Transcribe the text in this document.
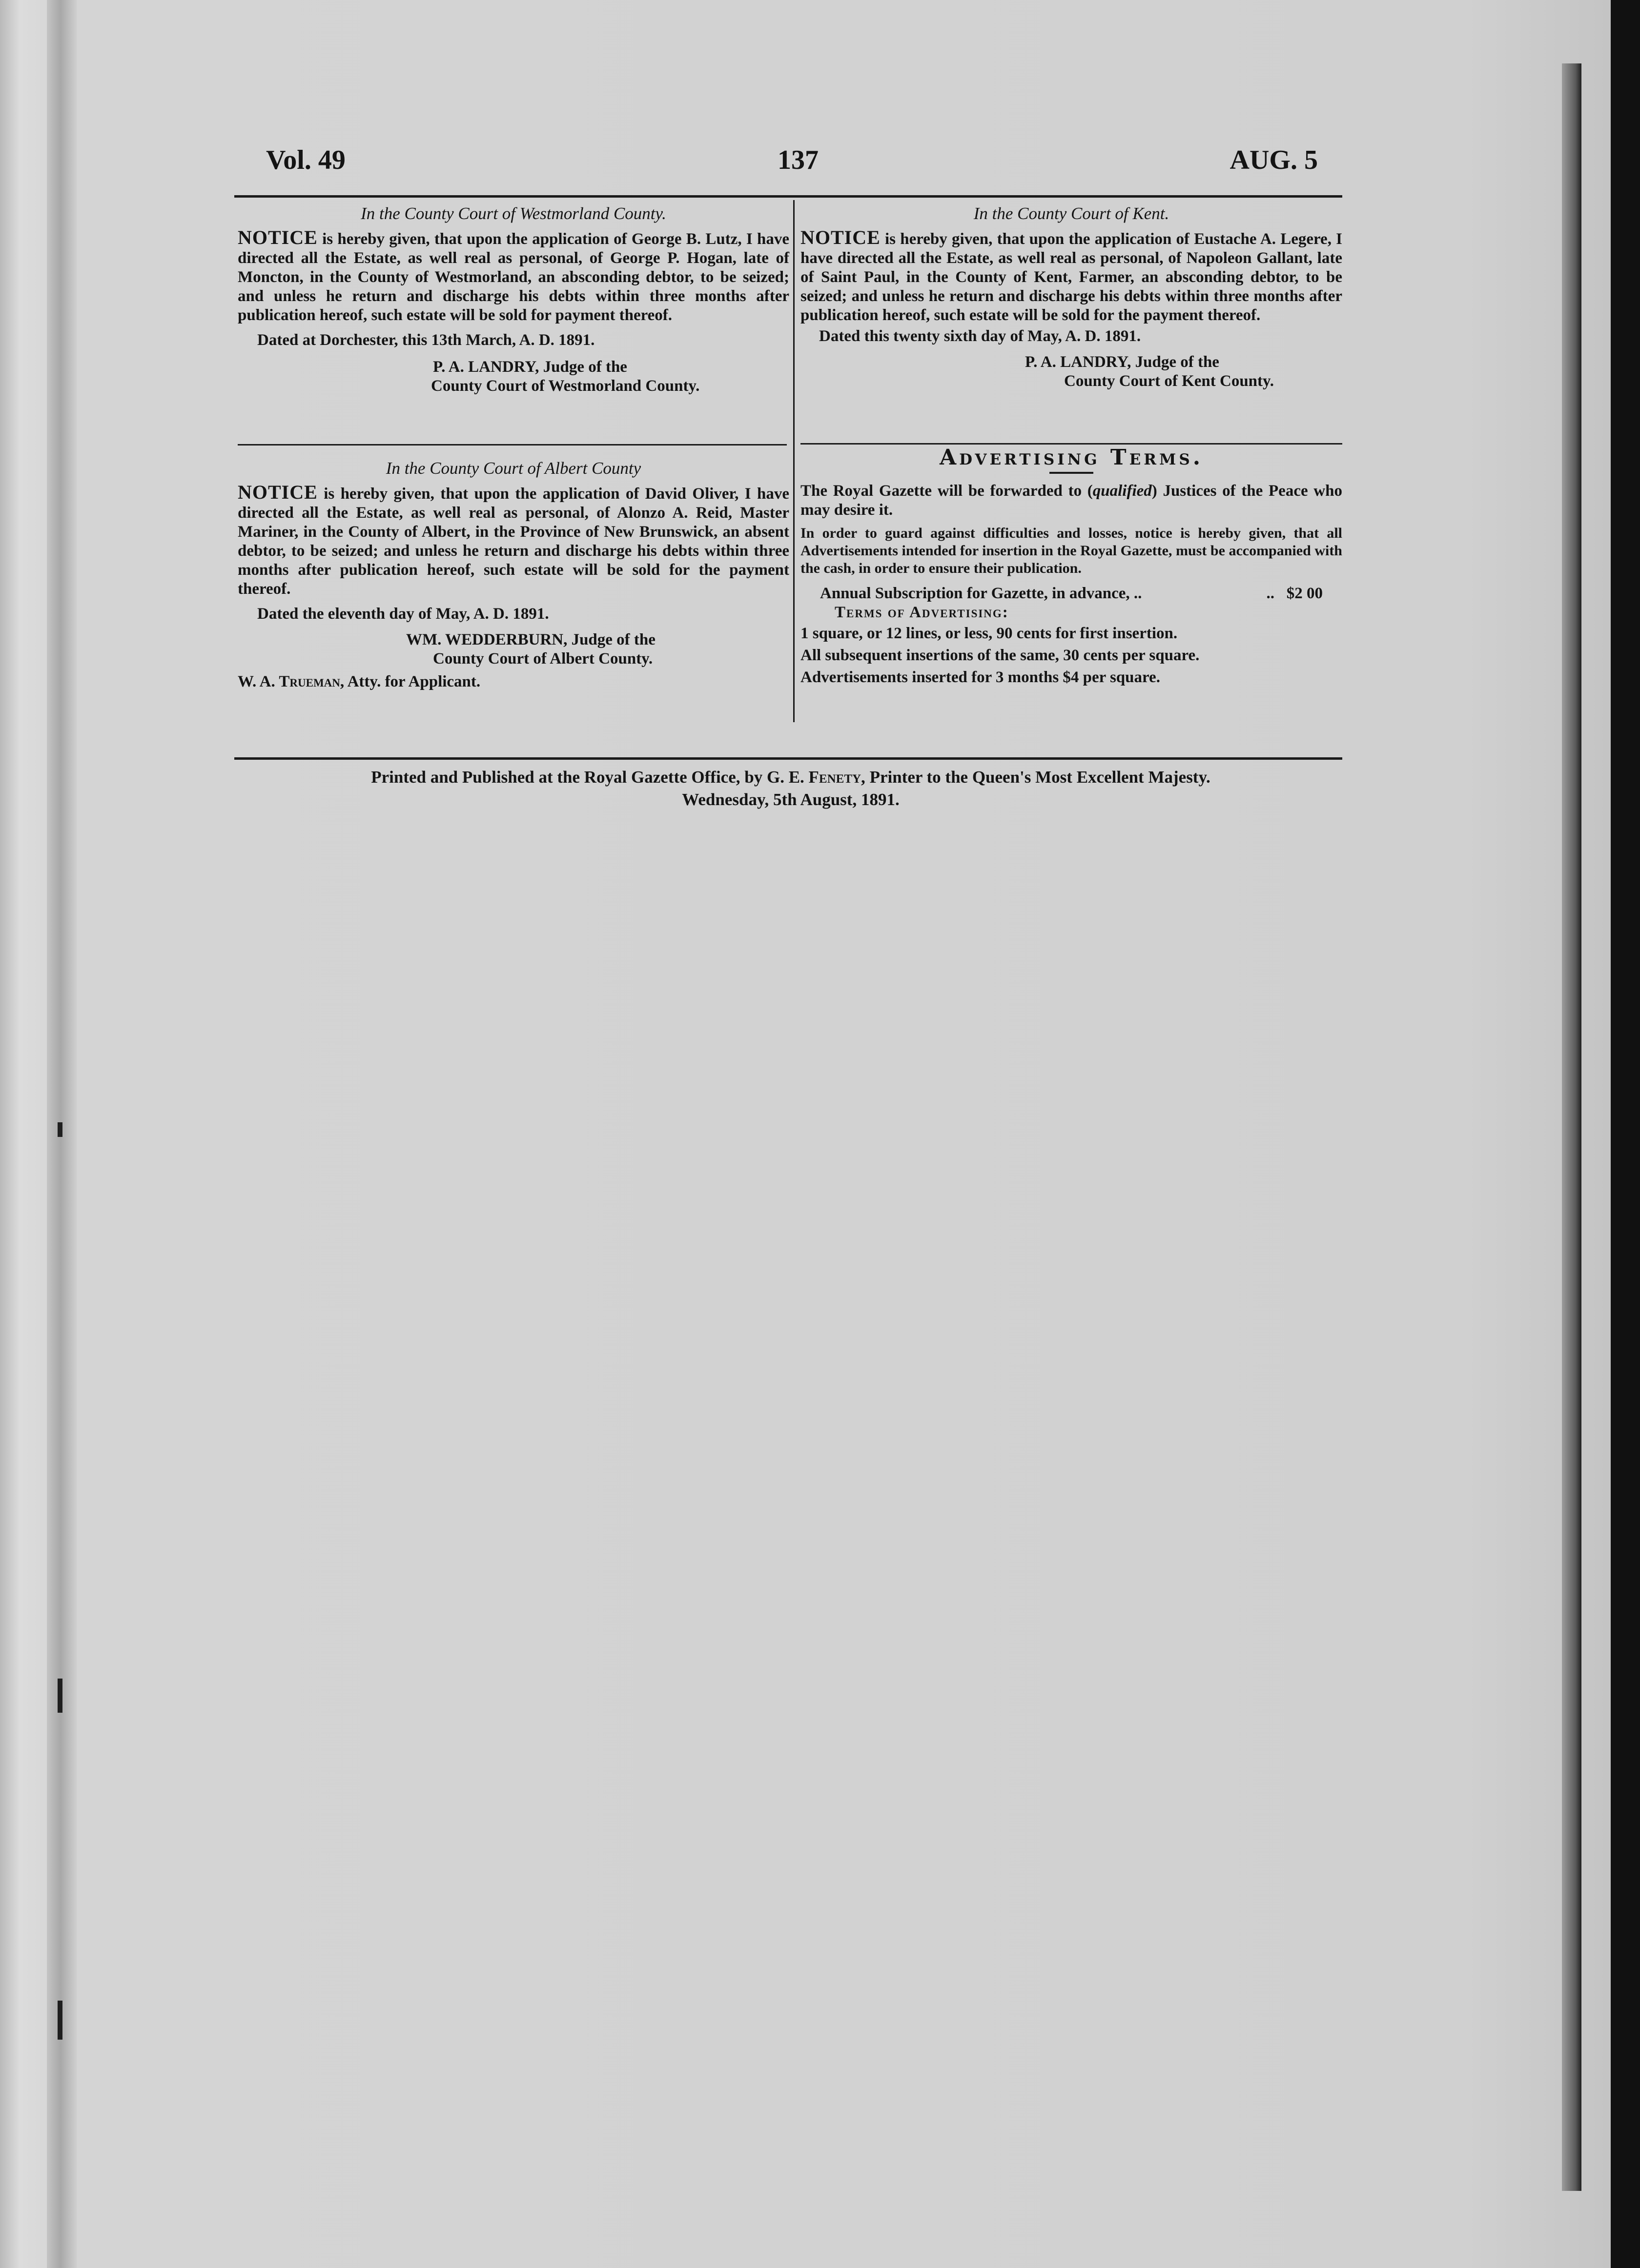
Vol. 49	137	AUG. 5

In the County Court of Westmorland County.

NOTICE is hereby given, that upon the application of George B. Lutz, I have directed all the Estate, as well real as personal, of George P. Hogan, late of Moncton, in the County of Westmorland, an absconding debtor, to be seized; and unless he return and discharge his debts within three months after publication hereof, such estate will be sold for payment thereof.

Dated at Dorchester, this 13th March, A. D. 1891.

P. A. LANDRY, Judge of the
County Court of Westmorland County.

In the County Court of Albert County

NOTICE is hereby given, that upon the application of David Oliver, I have directed all the Estate, as well real as personal, of Alonzo A. Reid, Master Mariner, in the County of Albert, in the Province of New Brunswick, an absent debtor, to be seized; and unless he return and discharge his debts within three months after publication hereof, such estate will be sold for the payment thereof.

Dated the eleventh day of May, A. D. 1891.

WM. WEDDERBURN, Judge of the
County Court of Albert County.
W. A. Trueman, Atty. for Applicant.

In the County Court of Kent.

NOTICE is hereby given, that upon the application of Eustache A. Legere, I have directed all the Estate, as well real as personal, of Napoleon Gallant, late of Saint Paul, in the County of Kent, Farmer, an absconding debtor, to be seized; and unless he return and discharge his debts within three months after publication hereof, such estate will be sold for the payment thereof.

Dated this twenty sixth day of May, A. D. 1891.

P. A. LANDRY, Judge of the
County Court of Kent County.

Advertising Terms.

The Royal Gazette will be forwarded to (qualified) Justices of the Peace who may desire it.

In order to guard against difficulties and losses, notice is hereby given, that all Advertisements intended for insertion in the Royal Gazette, must be accompanied with the cash, in order to ensure their publication.

Annual Subscription for Gazette, in advance, ..	.. $2 00
Terms of Advertising:
1 square, or 12 lines, or less, 90 cents for first insertion.
All subsequent insertions of the same, 30 cents per square.
Advertisements inserted for 3 months $4 per square.
Printed and Published at the Royal Gazette Office, by G. E. Fenety, Printer to the Queen's Most Excellent Majesty.
Wednesday, 5th August, 1891.
